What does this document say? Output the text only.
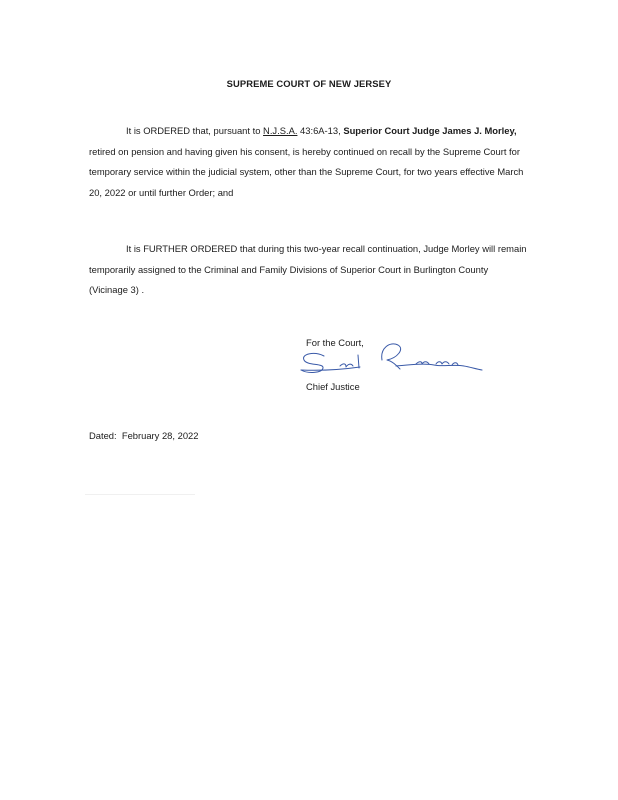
SUPREME COURT OF NEW JERSEY
It is ORDERED that, pursuant to N.J.S.A. 43:6A-13, Superior Court Judge James J. Morley, retired on pension and having given his consent, is hereby continued on recall by the Supreme Court for temporary service within the judicial system, other than the Supreme Court, for two years effective March 20, 2022 or until further Order; and
It is FURTHER ORDERED that during this two-year recall continuation, Judge Morley will remain temporarily assigned to the Criminal and Family Divisions of Superior Court in Burlington County (Vicinage 3) .
For the Court,
Chief Justice
Dated: February 28, 2022
